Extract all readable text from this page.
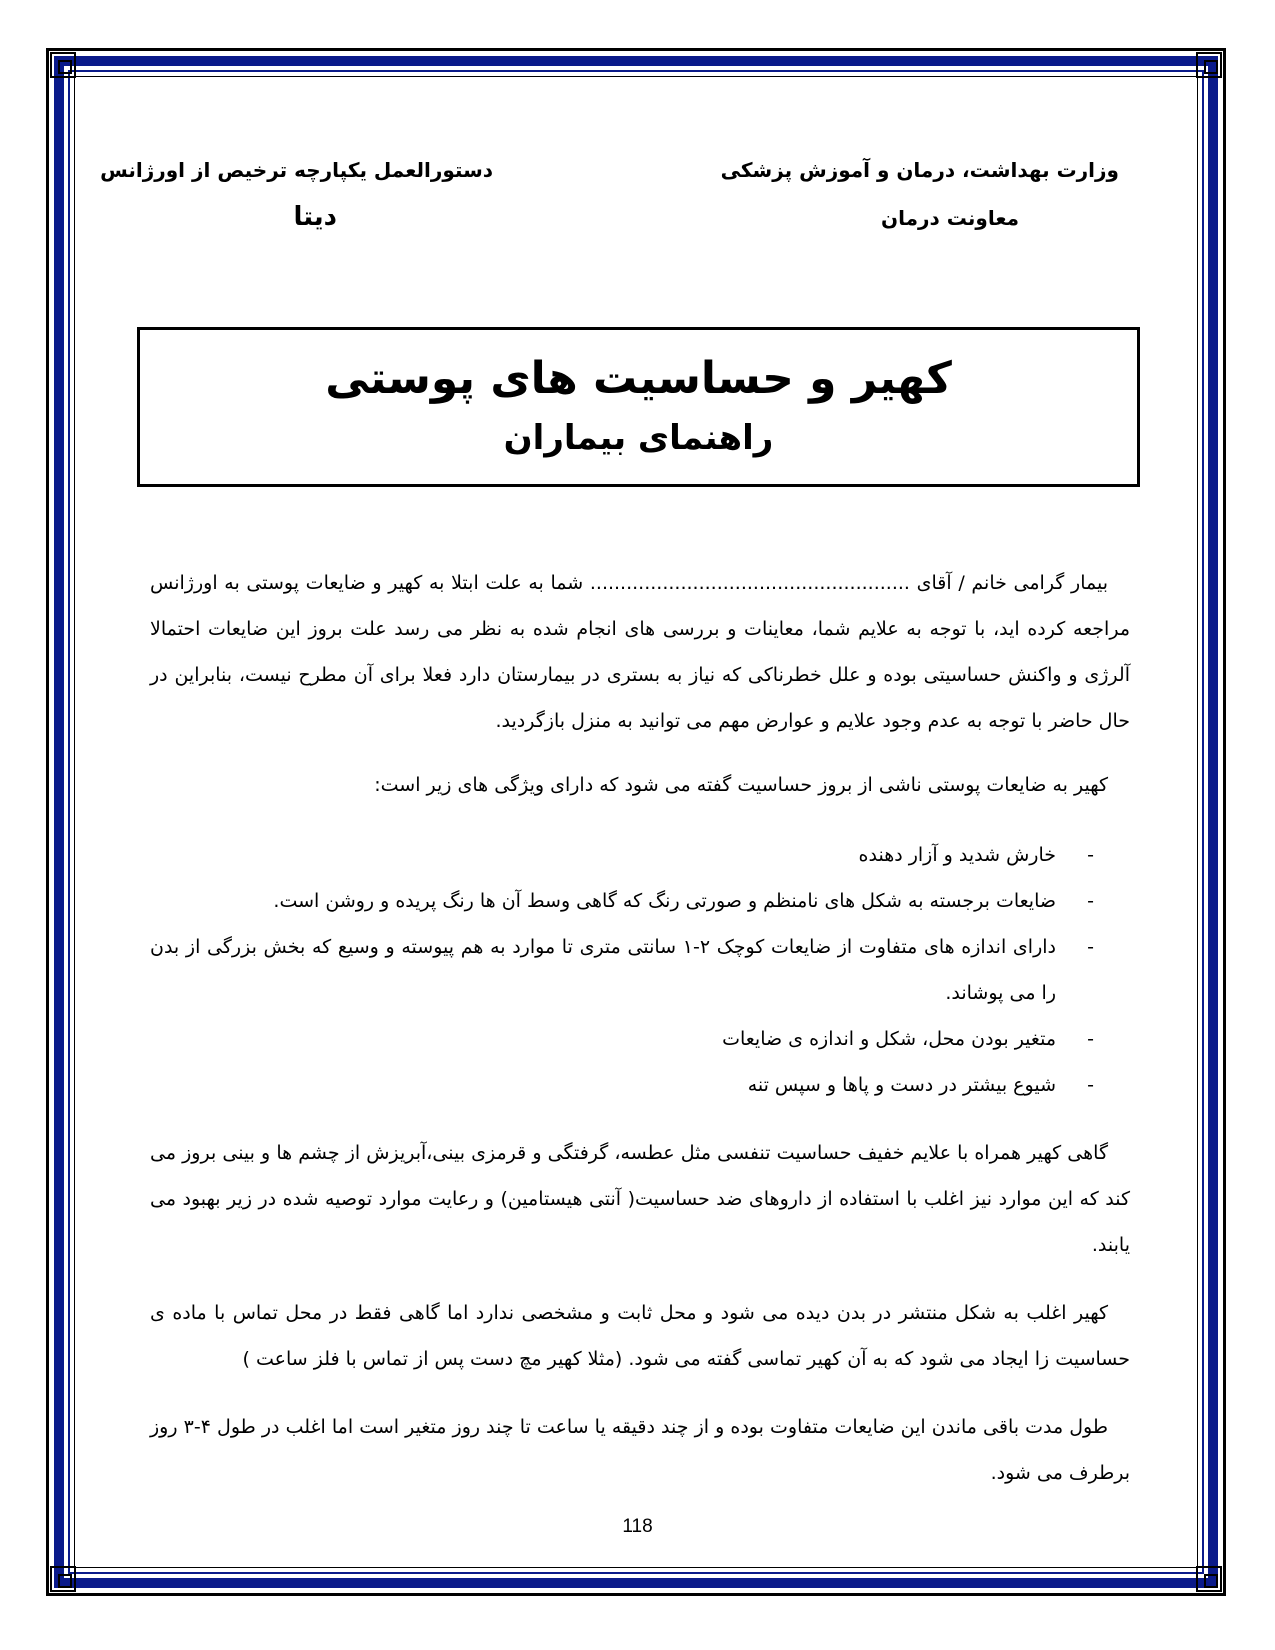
وزارت بهداشت، درمان و آموزش پزشکی
معاونت درمان
دستورالعمل یکپارچه ترخیص از اورژانس
دیتا
کهیر و حساسیت های پوستی
راهنمای بیماران

بیمار گرامی خانم / آقای ..................................................... شما به علت ابتلا به کهیر و ضایعات پوستی به اورژانس مراجعه کرده اید، با توجه به علایم شما، معاینات و بررسی های انجام شده به نظر می رسد علت بروز این ضایعات احتمالا آلرژی و واکنش حساسیتی بوده و علل خطرناکی که نیاز به بستری در بیمارستان دارد فعلا برای آن مطرح نیست، بنابراین در حال حاضر با توجه به عدم وجود علایم و عوارض مهم می توانید به منزل بازگردید.

کهیر به ضایعات پوستی ناشی از بروز حساسیت گفته می شود که دارای ویژگی های زیر است:

- خارش شدید و آزار دهنده
- ضایعات برجسته به شکل های نامنظم و صورتی رنگ که گاهی وسط آن ها رنگ پریده و روشن است.
- دارای اندازه های متفاوت از ضایعات کوچک ۲-۱ سانتی متری تا موارد به هم پیوسته و وسیع که بخش بزرگی از بدن را می پوشاند.
- متغیر بودن محل، شکل و اندازه ی ضایعات
- شیوع بیشتر در دست و پاها و سپس تنه

گاهی کهیر همراه با علایم خفیف حساسیت تنفسی مثل عطسه، گرفتگی و قرمزی بینی،آبریزش از چشم ها و بینی بروز می کند که این موارد نیز اغلب با استفاده از داروهای ضد حساسیت( آنتی هیستامین) و رعایت موارد توصیه شده در زیر بهبود می یابند.

کهیر اغلب به شکل منتشر در بدن دیده می شود و محل ثابت و مشخصی ندارد اما گاهی فقط در محل تماس با ماده ی حساسیت زا ایجاد می شود که به آن کهیر تماسی گفته می شود. (مثلا کهیر مچ دست پس از تماس با فلز ساعت )

طول مدت باقی ماندن این ضایعات متفاوت بوده و از چند دقیقه یا ساعت تا چند روز متغیر است اما اغلب در طول ۴-۳ روز برطرف می شود.

118
